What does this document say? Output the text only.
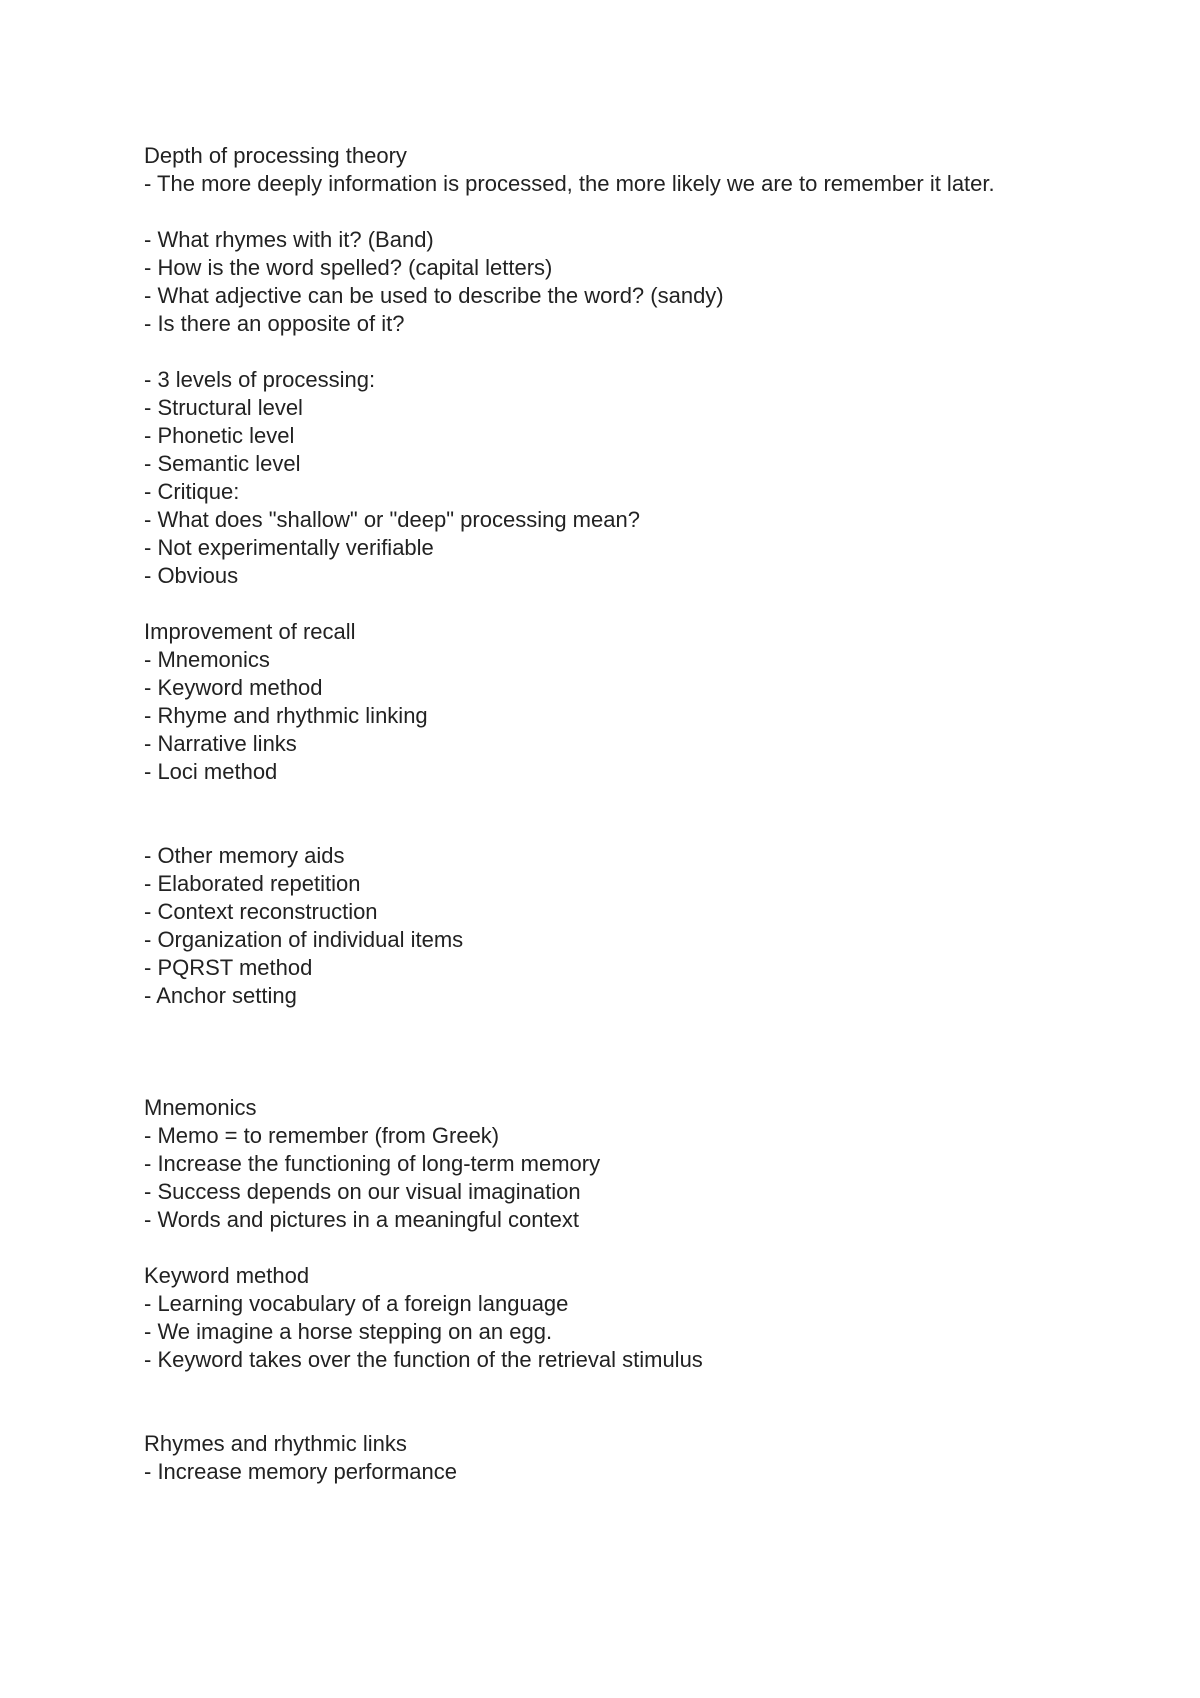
Depth of processing theory
- The more deeply information is processed, the more likely we are to remember it later.
- What rhymes with it? (Band)
- How is the word spelled? (capital letters)
- What adjective can be used to describe the word? (sandy)
- Is there an opposite of it?
- 3 levels of processing:
- Structural level
- Phonetic level
- Semantic level
- Critique:
- What does "shallow" or "deep" processing mean?
- Not experimentally verifiable
- Obvious
Improvement of recall
- Mnemonics
- Keyword method
- Rhyme and rhythmic linking
- Narrative links
- Loci method
- Other memory aids
- Elaborated repetition
- Context reconstruction
- Organization of individual items
- PQRST method
- Anchor setting
Mnemonics
- Memo = to remember (from Greek)
- Increase the functioning of long-term memory
- Success depends on our visual imagination
- Words and pictures in a meaningful context
Keyword method
- Learning vocabulary of a foreign language
- We imagine a horse stepping on an egg.
- Keyword takes over the function of the retrieval stimulus
Rhymes and rhythmic links
- Increase memory performance
